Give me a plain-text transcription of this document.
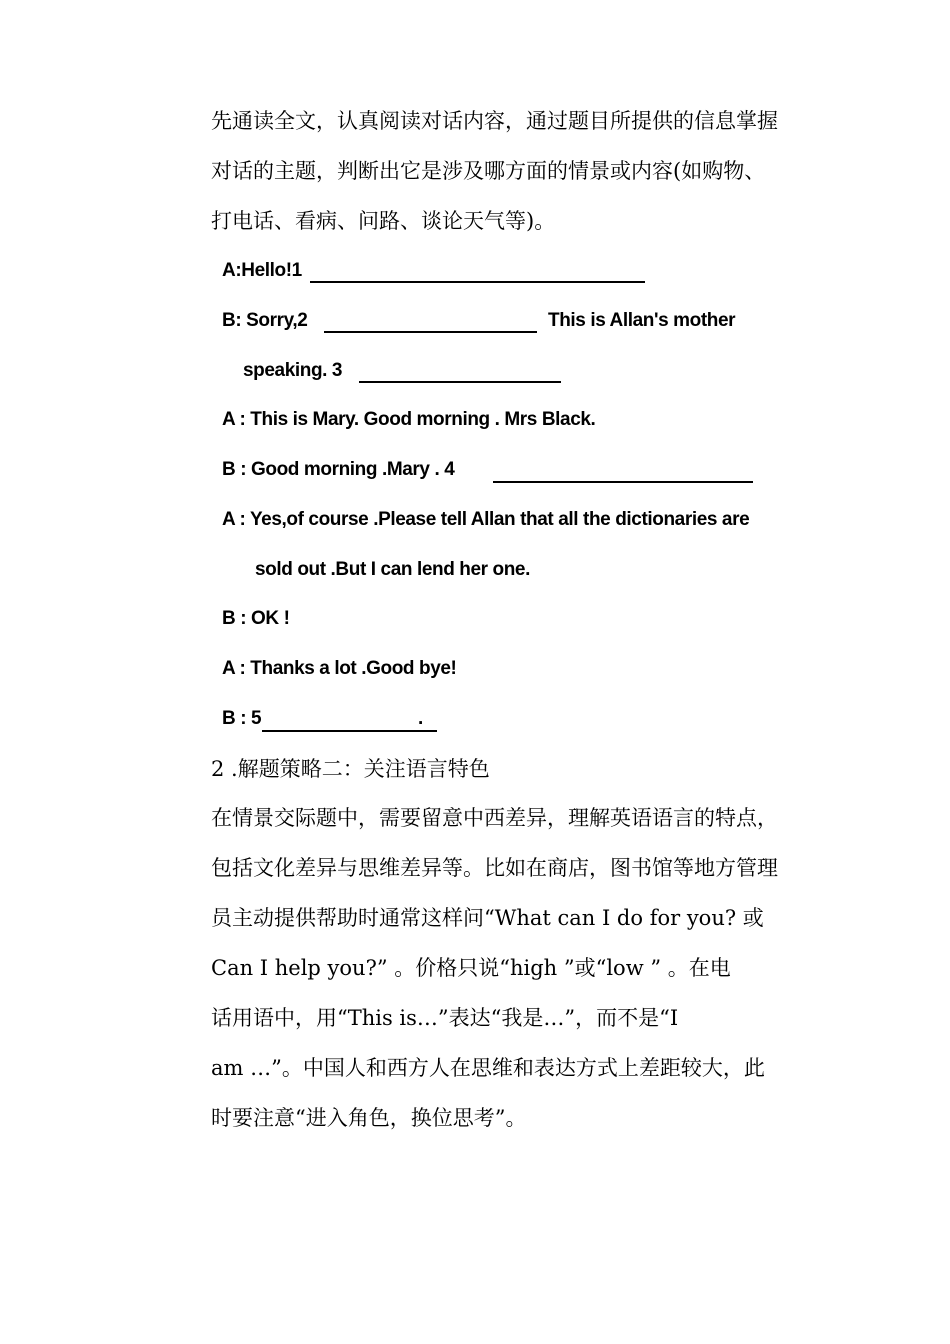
先通读全文，认真阅读对话内容，通过题目所提供的信息掌握
对话的主题，判断出它是涉及哪方面的情景或内容(如购物、
打电话、看病、问路、谈论天气等)。
A:Hello!1
B: Sorry,2	This is Allan's mother
speaking. 3
A : This is Mary. Good morning . Mrs Black.
B : Good morning .Mary . 4
A : Yes,of course .Please tell Allan that all the dictionaries are
sold out .But I can lend her one.
B : OK !
A : Thanks a lot .Good bye!
B : 5	.
2 .解题策略二：关注语言特色
在情景交际题中，需要留意中西差异，理解英语语言的特点，
包括文化差异与思维差异等。比如在商店，图书馆等地方管理
员主动提供帮助时通常这样问“What can I do for you? 或
Can I help you?” 。价格只说“high ”或“low ” 。在电
话用语中，用“This is…”表达“我是…”，而不是“I
am …”。中国人和西方人在思维和表达方式上差距较大，此
时要注意“进入角色，换位思考”。
